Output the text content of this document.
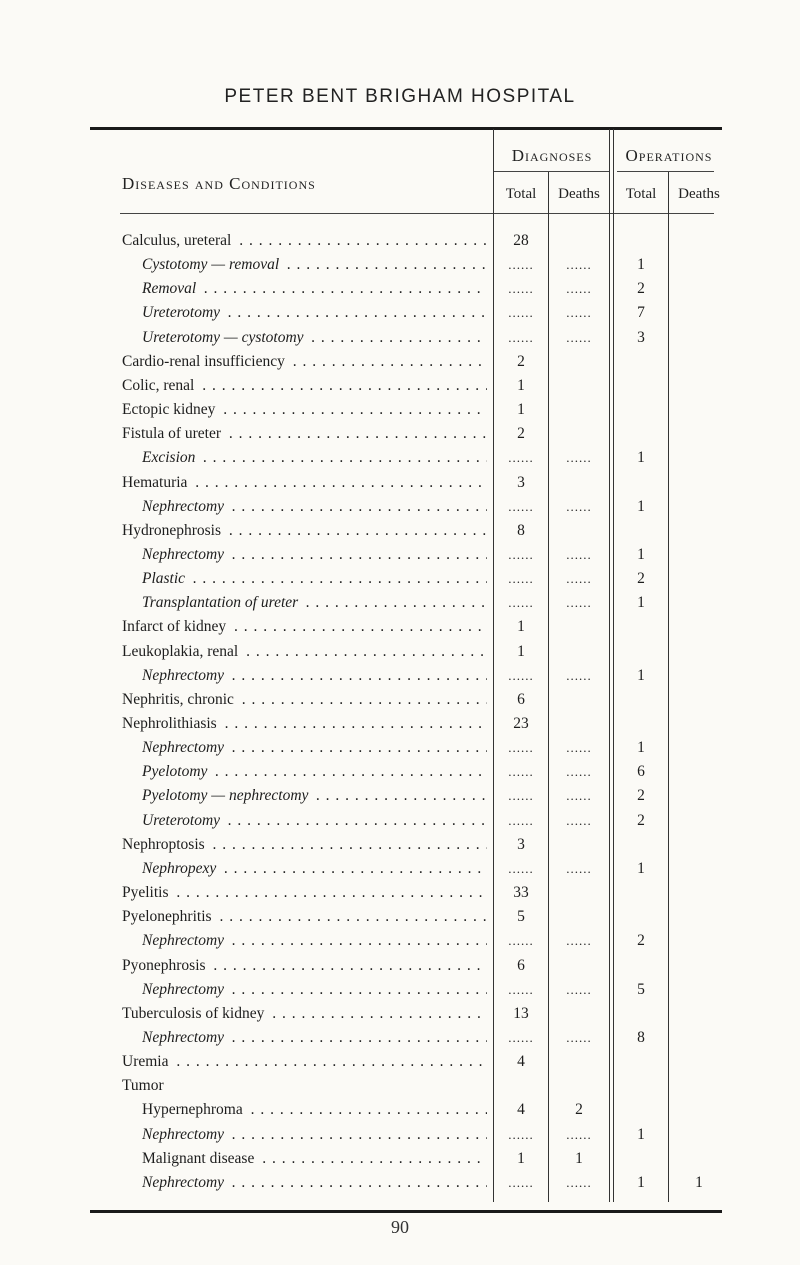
PETER BENT BRIGHAM HOSPITAL
Diseases and Conditions
Diagnoses	Operations
Total	Deaths	Total	Deaths
Calculus, ureteral . . .	28
Cystotomy — removal . . .	......	......	1
Removal . . .	......	......	2
Ureterotomy . . .	......	......	7
Ureterotomy — cystotomy . . .	......	......	3
Cardio-renal insufficiency . . .	2
Colic, renal . . .	1
Ectopic kidney . . .	1
Fistula of ureter . . .	2
Excision . . .	......	......	1
Hematuria . . .	3
Nephrectomy . . .	......	......	1
Hydronephrosis . . .	8
Nephrectomy . . .	......	......	1
Plastic . . .	......	......	2
Transplantation of ureter . . .	......	......	1
Infarct of kidney . . .	1
Leukoplakia, renal . . .	1
Nephrectomy . . .	......	......	1
Nephritis, chronic . . .	6
Nephrolithiasis . . .	23
Nephrectomy . . .	......	......	1
Pyelotomy . . .	......	......	6
Pyelotomy — nephrectomy . . .	......	......	2
Ureterotomy . . .	......	......	2
Nephroptosis . . .	3
Nephropexy . . .	......	......	1
Pyelitis . . .	33
Pyelonephritis . . .	5
Nephrectomy . . .	......	......	2
Pyonephrosis . . .	6
Nephrectomy . . .	......	......	5
Tuberculosis of kidney . . .	13
Nephrectomy . . .	......	......	8
Uremia . . .	4
Tumor
Hypernephroma . . .	4	2
Nephrectomy . . .	......	......	1
Malignant disease . . .	1	1
Nephrectomy . . .	......	......	1	1
90
